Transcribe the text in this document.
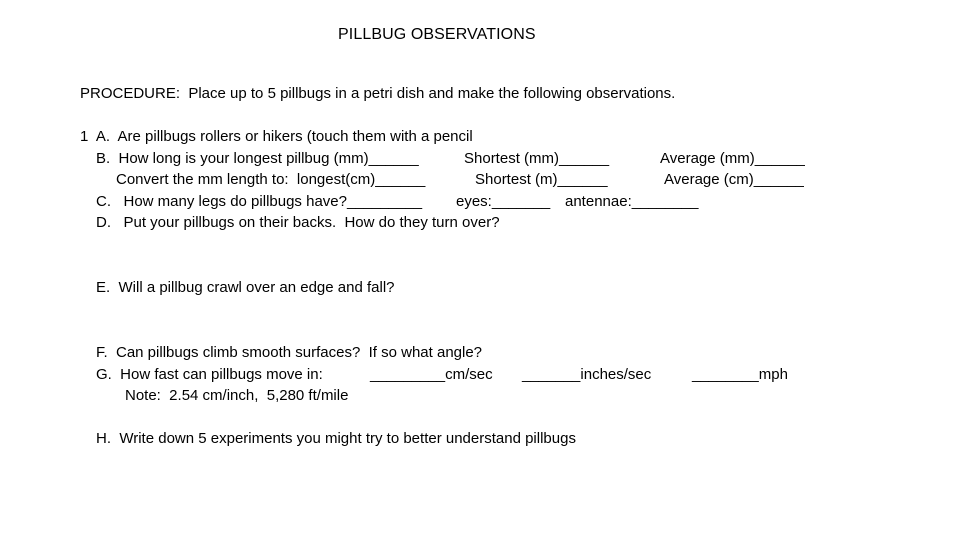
PILLBUG OBSERVATIONS
PROCEDURE:  Place up to 5 pillbugs in a petri dish and make the following observations.
1  A.  Are pillbugs rollers or hikers (touch them with a pencil
B.  How long is your longest pillbug (mm)______	Shortest (mm)______	Average (mm)______
Convert the mm length to:  longest(cm)______	Shortest (m)______	Average (cm)______
C.   How many legs do pillbugs have?_________ eyes:_______ antennae:________
D.   Put your pillbugs on their backs.  How do they turn over?
E.  Will a pillbug crawl over an edge and fall?
F.  Can pillbugs climb smooth surfaces?  If so what angle?
G.  How fast can pillbugs move in:	_________cm/sec _______inches/sec	________mph
Note:  2.54 cm/inch,  5,280 ft/mile
H.  Write down 5 experiments you might try to better understand pillbugs
